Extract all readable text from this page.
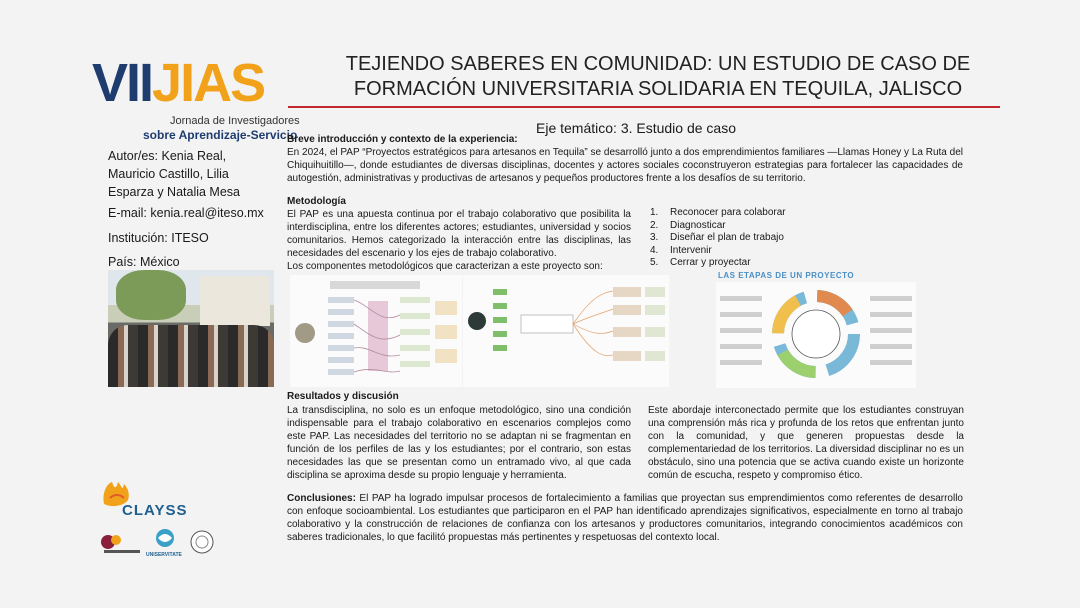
VIIJIAS
Jornada de Investigadores
sobre Aprendizaje-Servicio
TEJIENDO SABERES EN COMUNIDAD: UN ESTUDIO DE CASO DE FORMACIÓN UNIVERSITARIA SOLIDARIA EN TEQUILA, JALISCO
Eje temático: 3. Estudio de caso
Autor/es: Kenia Real, Mauricio Castillo, Lilia Esparza y Natalia Mesa
E-mail: kenia.real@iteso.mx
Institución: ITESO
País: México
Breve introducción y contexto de la experiencia:
En 2024, el PAP “Proyectos estratégicos para artesanos en Tequila” se desarrolló junto a dos emprendimientos familiares —Llamas Honey y La Ruta del Chiquihuitillo—, donde estudiantes de diversas disciplinas, docentes y actores sociales coconstruyeron estrategias para fortalecer las capacidades de autogestión, administrativas y productivas de artesanos y pequeños productores frente a los desafíos de su territorio.
Metodología
El PAP es una apuesta continua por el trabajo colaborativo que posibilita la interdisciplina, entre los diferentes actores; estudiantes, universidad y socios comunitarios. Hemos categorizado la interacción entre las disciplinas, las necesidades del escenario y los ejes de trabajo colaborativo.
Los componentes metodológicos que caracterizan a este proyecto son:
1. Reconocer para colaborar
2. Diagnosticar
3. Diseñar el plan de trabajo
4. Intervenir
5. Cerrar y proyectar
LAS ETAPAS DE UN PROYECTO
Resultados y discusión
La transdisciplina, no solo es un enfoque metodológico, sino una condición indispensable para el trabajo colaborativo en escenarios complejos como este PAP. Las necesidades del territorio no se adaptan ni se fragmentan en función de los perfiles de las y los estudiantes; por el contrario, son estas necesidades las que se presentan como un entramado vivo, al que cada disciplina se aproxima desde su propio lenguaje y herramienta.
Este abordaje interconectado permite que los estudiantes construyan una comprensión más rica y profunda de los retos que enfrentan junto con la comunidad, y que generen propuestas desde la complementariedad de los territorios. La diversidad disciplinar no es un obstáculo, sino una potencia que se activa cuando existe un horizonte común de escucha, respeto y compromiso ético.
Conclusiones: El PAP ha logrado impulsar procesos de fortalecimiento a familias que proyectan sus emprendimientos como referentes de desarrollo con enfoque socioambiental. Los estudiantes que participaron en el PAP han identificado aprendizajes significativos, especialmente en torno al trabajo colaborativo y la construcción de relaciones de confianza con los artesanos y productores comunitarios, integrando conocimientos académicos con saberes tradicionales, lo que facilitó propuestas más pertinentes y respetuosas del contexto local.
CLAYSS
UNISERVITATE
